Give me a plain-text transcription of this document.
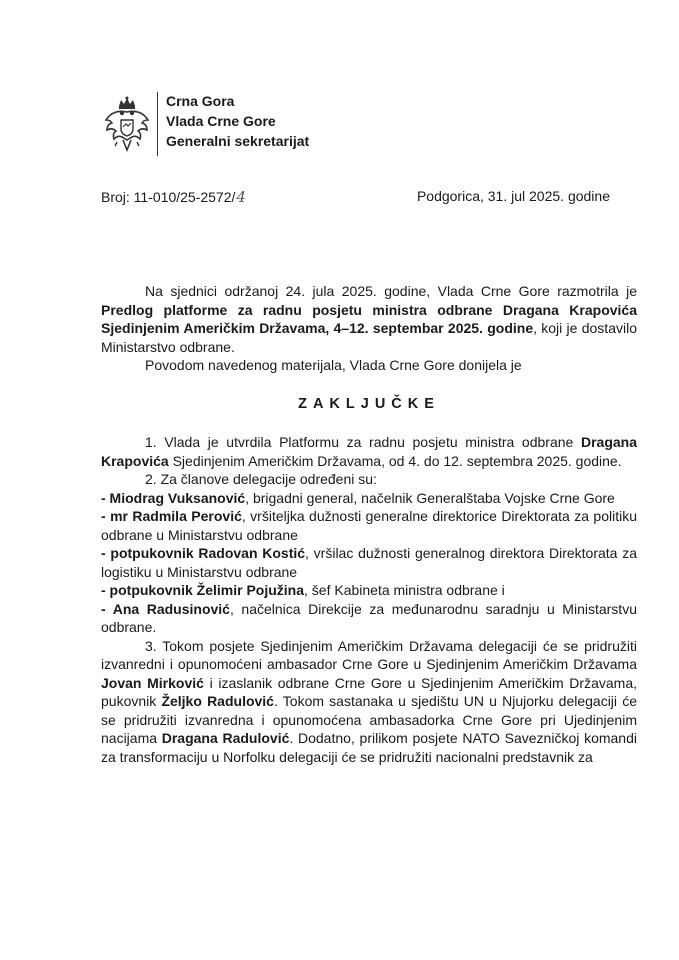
Crna Gora
Vlada Crne Gore
Generalni sekretarijat
Broj: 11-010/25-2572/4	Podgorica, 31. jul 2025. godine

Na sjednici održanoj 24. jula 2025. godine, Vlada Crne Gore razmotrila je Predlog platforme za radnu posjetu ministra odbrane Dragana Krapovića Sjedinjenim Američkim Državama, 4–12. septembar 2025. godine, koji je dostavilo Ministarstvo odbrane.

Povodom navedenog materijala, Vlada Crne Gore donijela je

ZAKLJUČKE

1. Vlada je utvrdila Platformu za radnu posjetu ministra odbrane Dragana Krapovića Sjedinjenim Američkim Državama, od 4. do 12. septembra 2025. godine.

2. Za članove delegacije određeni su:

- Miodrag Vuksanović, brigadni general, načelnik Generalštaba Vojske Crne Gore

- mr Radmila Perović, vršiteljka dužnosti generalne direktorice Direktorata za politiku odbrane u Ministarstvu odbrane

- potpukovnik Radovan Kostić, vršilac dužnosti generalnog direktora Direktorata za logistiku u Ministarstvu odbrane

- potpukovnik Želimir Pojužina, šef Kabineta ministra odbrane i

- Ana Radusinović, načelnica Direkcije za međunarodnu saradnju u Ministarstvu odbrane.

3. Tokom posjete Sjedinjenim Američkim Državama delegaciji će se pridružiti izvanredni i opunomoćeni ambasador Crne Gore u Sjedinjenim Američkim Državama Jovan Mirković i izaslanik odbrane Crne Gore u Sjedinjenim Američkim Državama, pukovnik Željko Radulović. Tokom sastanaka u sjedištu UN u Njujorku delegaciji će se pridružiti izvanredna i opunomoćena ambasadorka Crne Gore pri Ujedinjenim nacijama Dragana Radulović. Dodatno, prilikom posjete NATO Savezničkoj komandi za transformaciju u Norfolku delegaciji će se pridružiti nacionalni predstavnik za
